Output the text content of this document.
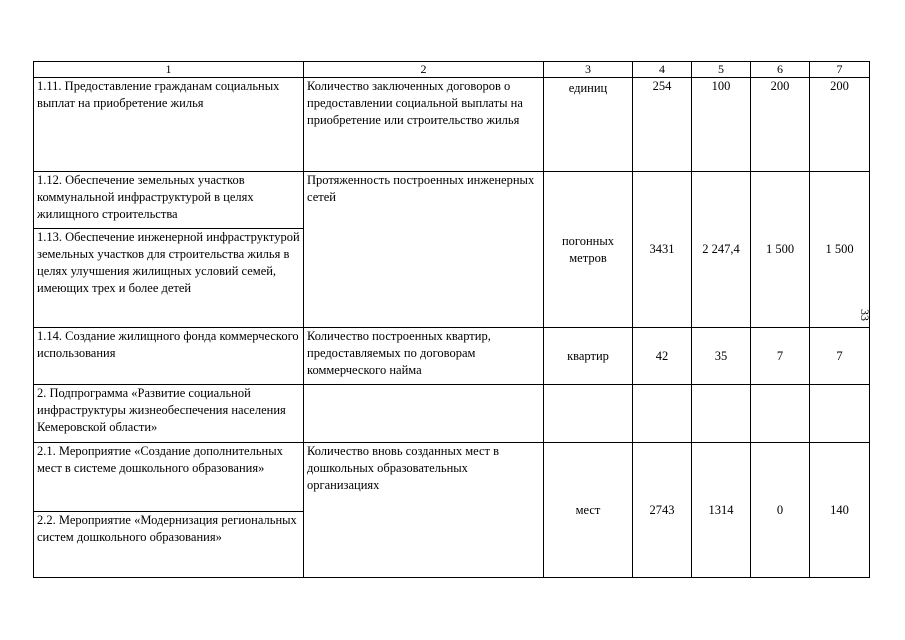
1	2	3	4	5	6	7
1.11. Предоставление гражданам социальных выплат на приобретение жилья	Количество заключенных договоров о предоставлении социальной выплаты на приобретение или строительство жилья	единиц	254	100	200	200
1.12. Обеспечение земельных участков коммунальной инфраструктурой в целях жилищного строительства	Протяженность построенных инженерных сетей	погонных метров	3431	2 247,4	1 500	1 500
1.13. Обеспечение инженерной инфраструктурой земельных участков для строительства жилья в целях улучшения жилищных условий семей, имеющих трех и более детей						
1.14. Создание жилищного фонда коммерческого использования	Количество построенных квартир, предоставляемых по договорам коммерческого найма	квартир	42	35	7	7
2. Подпрограмма «Развитие социальной инфраструктуры жизнеобеспечения населения Кемеровской области»						
2.1. Мероприятие «Создание дополнительных мест в системе дошкольного образования»	Количество вновь созданных мест в дошкольных образовательных организациях	мест	2743	1314	0	140
2.2. Мероприятие «Модернизация региональных систем дошкольного образования»						
33
